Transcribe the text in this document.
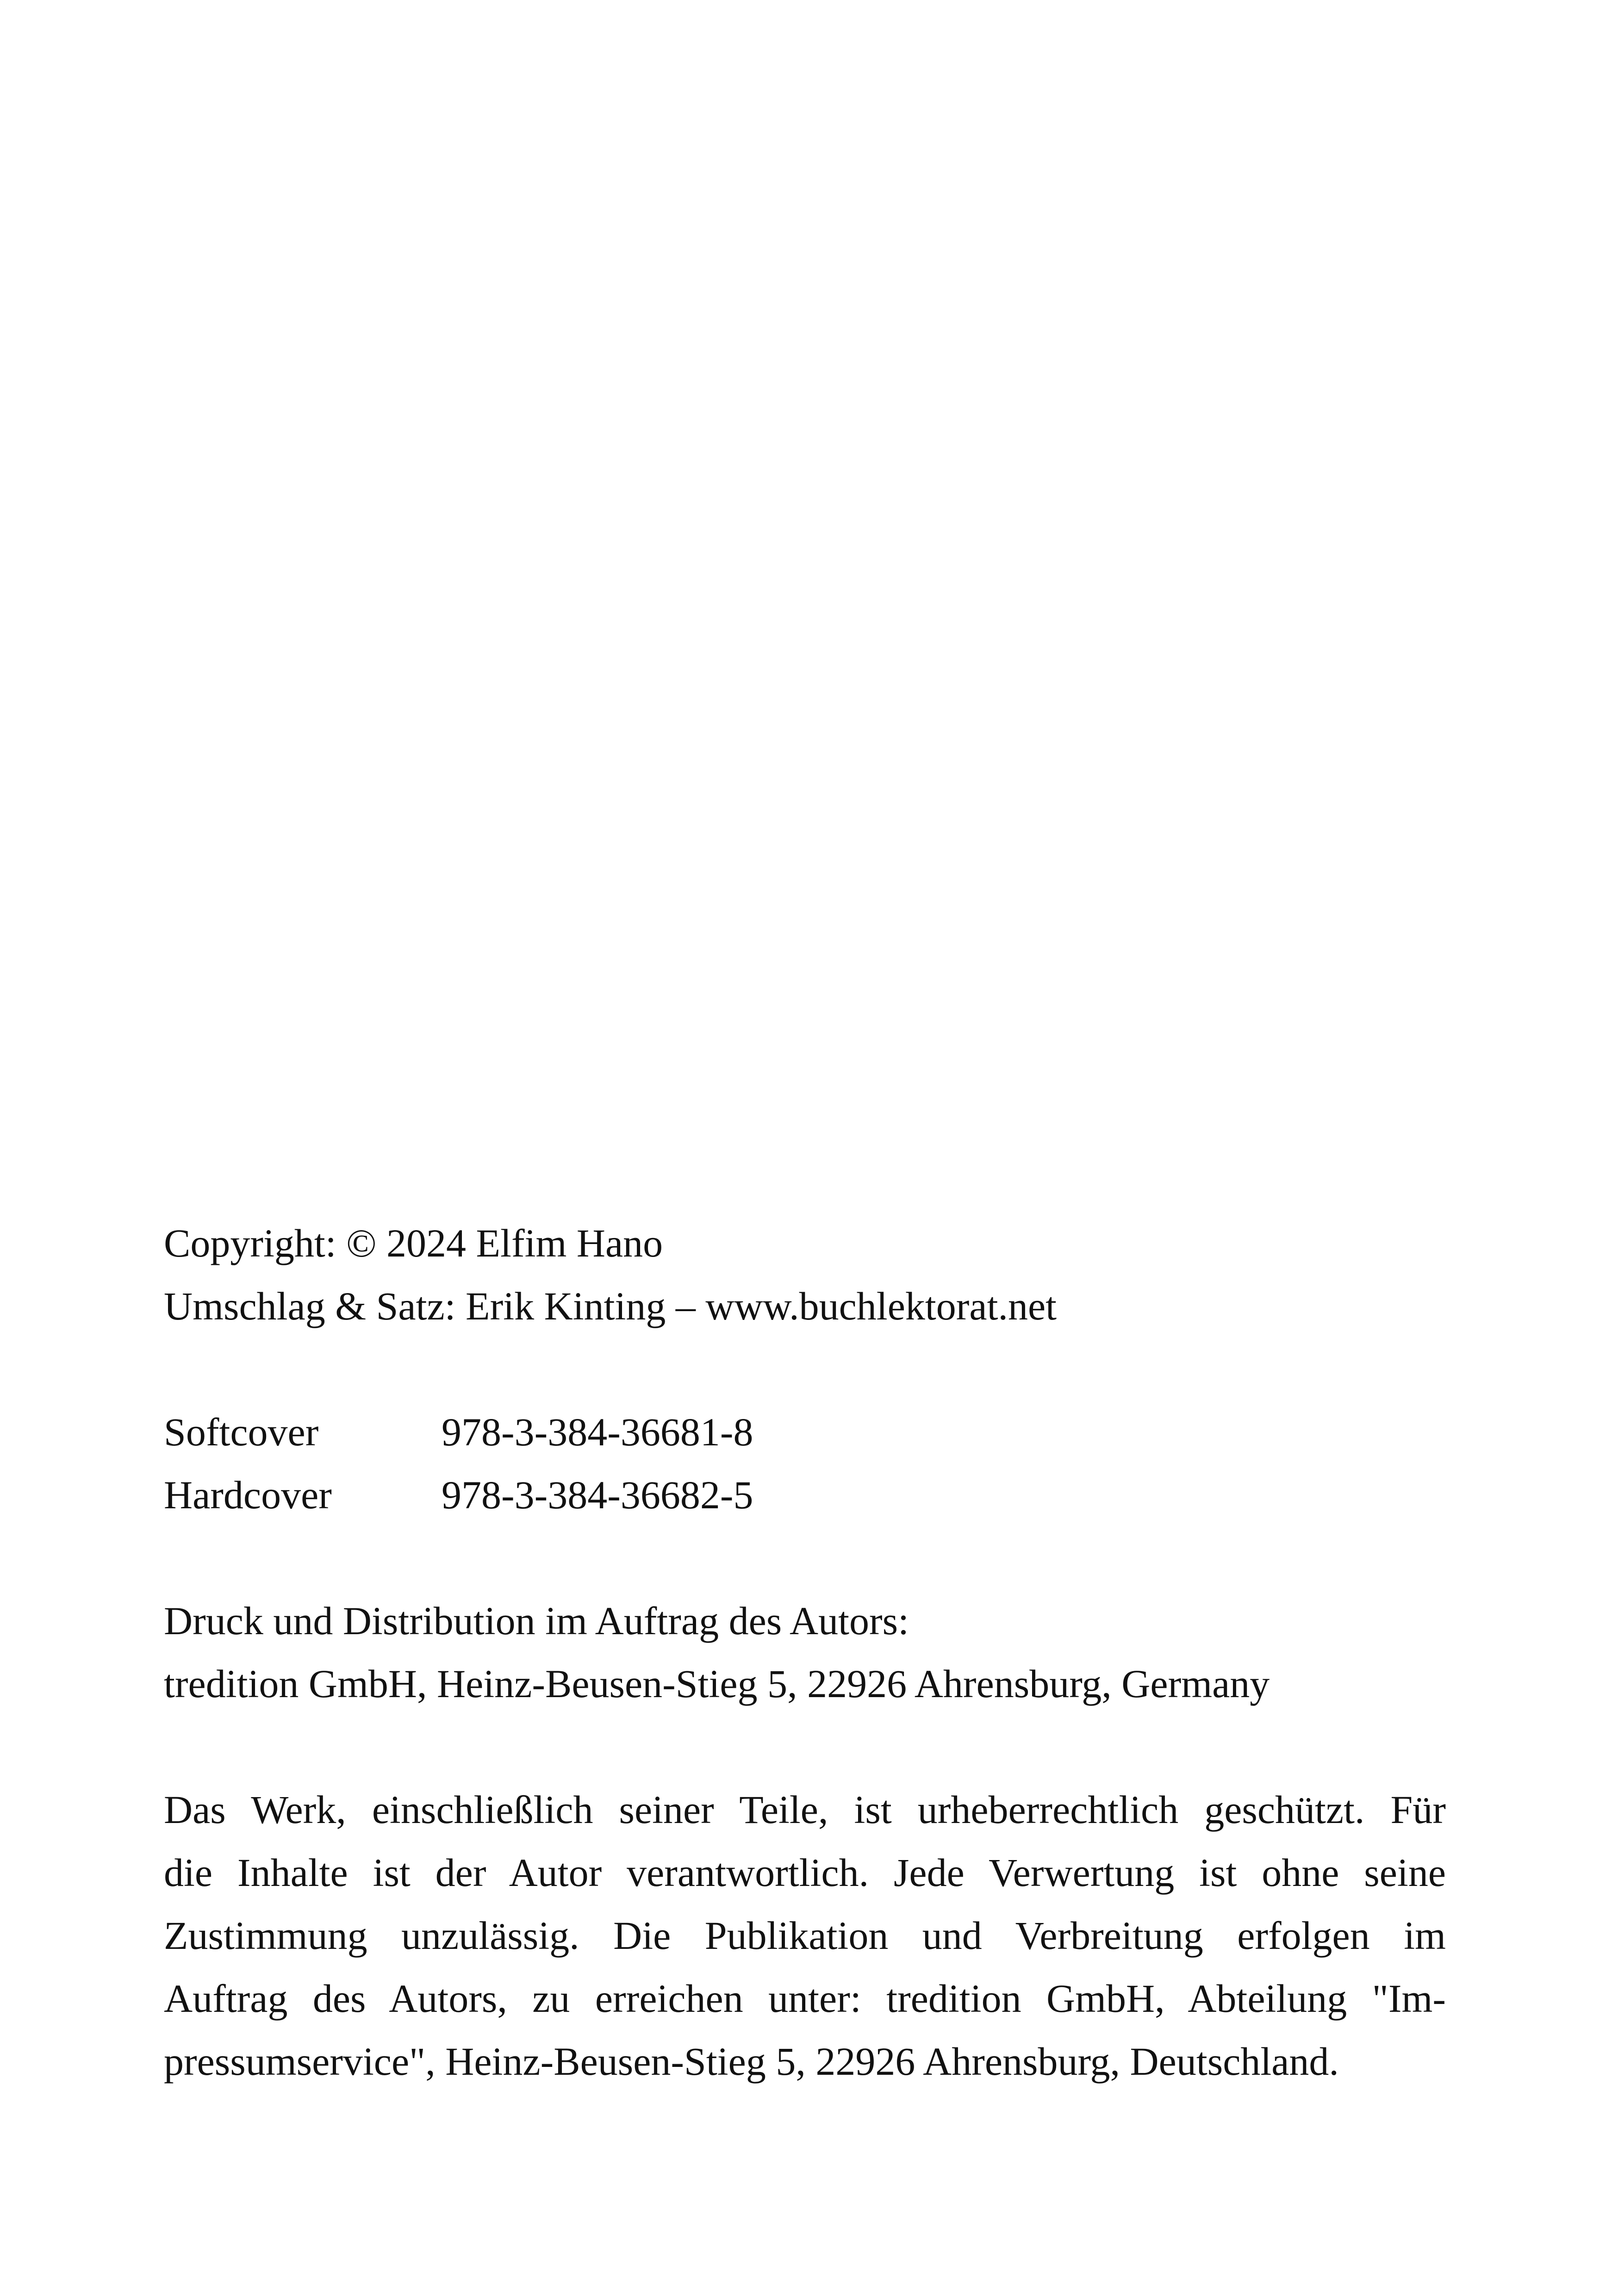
Copyright: © 2024 Elfim Hano
Umschlag & Satz: Erik Kinting – www.buchlektorat.net
Softcover	978-3-384-36681-8
Hardcover	978-3-384-36682-5
Druck und Distribution im Auftrag des Autors:
tredition GmbH, Heinz-Beusen-Stieg 5, 22926 Ahrensburg, Germany
Das Werk, einschließlich seiner Teile, ist urheberrechtlich geschützt. Für
die Inhalte ist der Autor verantwortlich. Jede Verwertung ist ohne seine
Zustimmung unzulässig. Die Publikation und Verbreitung erfolgen im
Auftrag des Autors, zu erreichen unter: tredition GmbH, Abteilung "Im-
pressumservice", Heinz-Beusen-Stieg 5, 22926 Ahrensburg, Deutschland.
